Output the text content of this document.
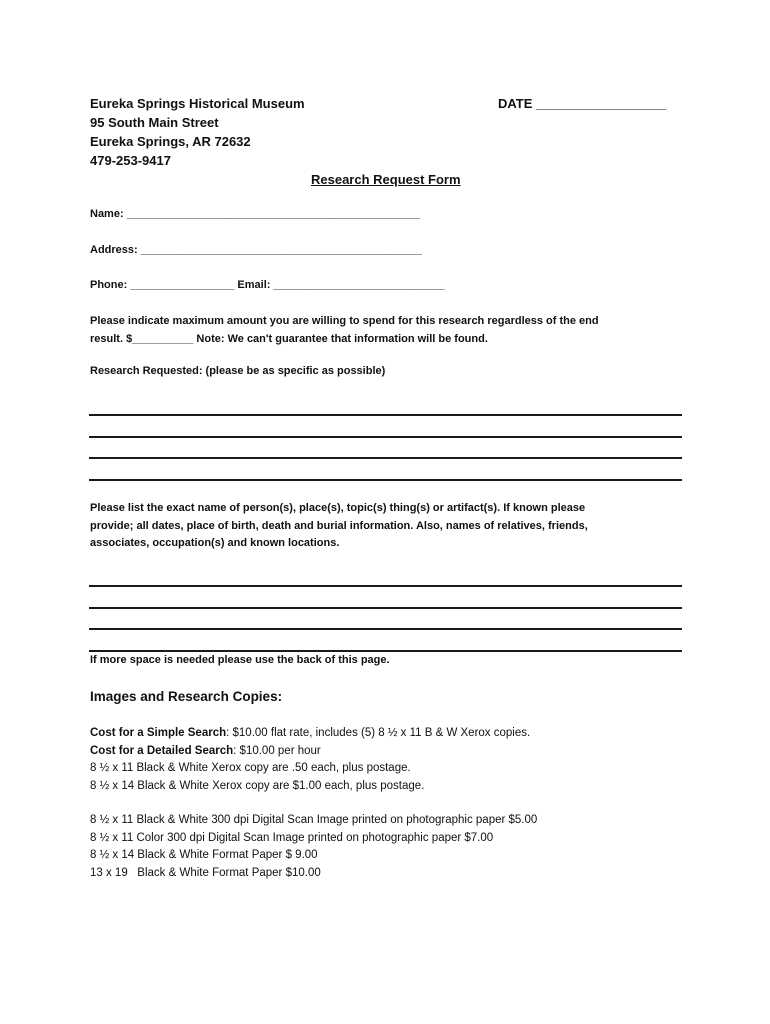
Eureka Springs Historical Museum
95 South Main Street
Eureka Springs, AR 72632
479-253-9417
DATE __________________
Research Request Form
Name: ________________________________________________
Address: ______________________________________________
Phone: _________________ Email: ____________________________
Please indicate maximum amount you are willing to spend for this research regardless of the end
result. $__________ Note: We can't guarantee that information will be found.
Research Requested: (please be as specific as possible)
Please list the exact name of person(s), place(s), topic(s) thing(s) or artifact(s). If known please
provide; all dates, place of birth, death and burial information. Also, names of relatives, friends,
associates, occupation(s) and known locations.
If more space is needed please use the back of this page.
Images and Research Copies:
Cost for a Simple Search: $10.00 flat rate, includes (5) 8 ½ x 11 B & W Xerox copies.
Cost for a Detailed Search: $10.00 per hour
8 ½ x 11 Black & White Xerox copy are .50 each, plus postage.
8 ½ x 14 Black & White Xerox copy are $1.00 each, plus postage.
8 ½ x 11 Black & White 300 dpi Digital Scan Image printed on photographic paper $5.00
8 ½ x 11 Color 300 dpi Digital Scan Image printed on photographic paper $7.00
8 ½ x 14 Black & White Format Paper $ 9.00
13 x 19   Black & White Format Paper $10.00
